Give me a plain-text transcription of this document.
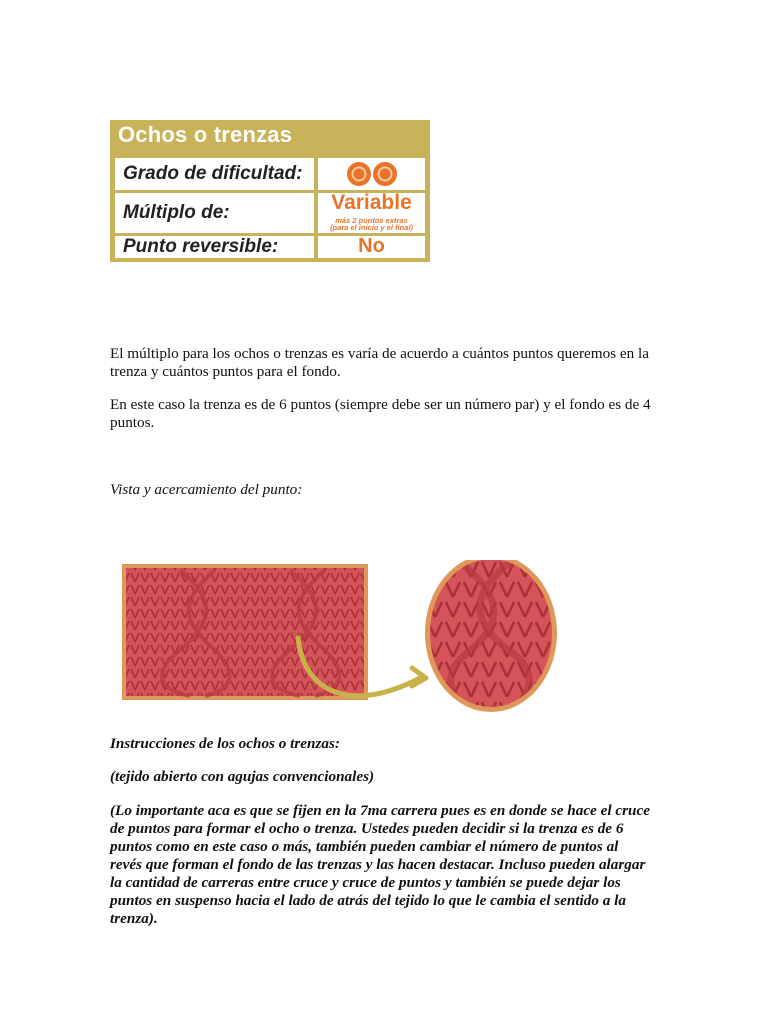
Ochos o trenzas
Grado de dificultad:
Múltiplo de:	Variable
más 2 puntos extras
(para el inicio y el final)
Punto reversible:	No

El múltiplo para los ochos o trenzas es varía de acuerdo a cuántos puntos queremos en la trenza y cuántos puntos para el fondo.

En este caso la trenza es de 6 puntos (siempre debe ser un número par) y el fondo es de 4 puntos.

Vista y acercamiento del punto:

Instrucciones de los ochos o trenzas:

(tejido abierto con agujas convencionales)

(Lo importante aca es que se fijen en la 7ma carrera pues es en donde se hace el cruce de puntos para formar el ocho o trenza. Ustedes pueden decidir si la trenza es de 6 puntos como en este caso o más, también pueden cambiar el número de puntos al revés que forman el fondo de las trenzas y las hacen destacar. Incluso pueden alargar la cantidad de carreras entre cruce y cruce de puntos y también se puede dejar los puntos en suspenso hacia el lado de atrás del tejido lo que le cambia el sentido a la trenza).
